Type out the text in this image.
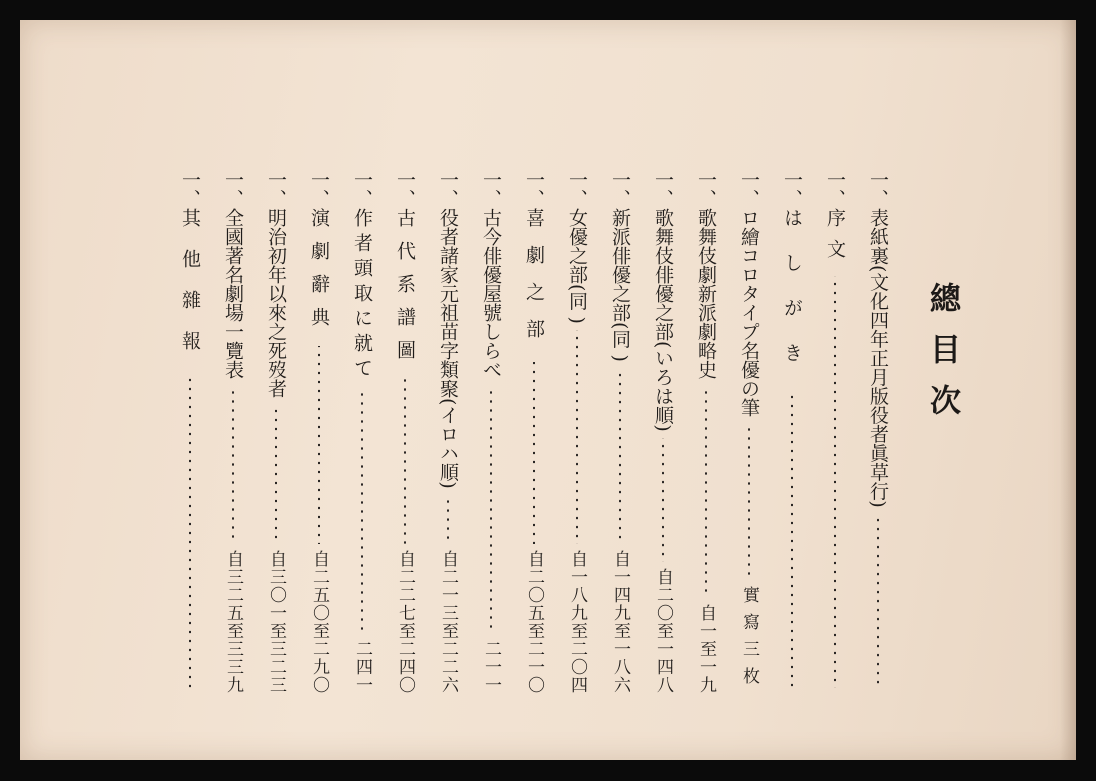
總目次
一、
表紙裏(文化四年正月版役者眞草行)
一、
序文
一、
はしがき
一、
ロ繪コロタイプ名優の筆
實寫三枚
一、
歌舞伎劇新派劇略史
自一至一九
一、
歌舞伎俳優之部(いろは順)
自二〇至一四八
一、
新派俳優之部(同 )
自一四九至一八六
一、
女優之部(同 )
自一八九至二〇四
一、
喜劇之部
自二〇五至二一〇
一、
古今俳優屋號しらべ
二一一
一、
役者諸家元祖苗字類聚(イロハ順)
自二一三至二二六
一、
古代系譜圖
自二二七至二四〇
一、
作者頭取に就て
二四一
一、
演劇辭典
自二五〇至二九〇
一、
明治初年以來之死歿者
自三〇一至三二三
一、
全國著名劇場一覽表
自三二五至三三九
一、
其他雜報
